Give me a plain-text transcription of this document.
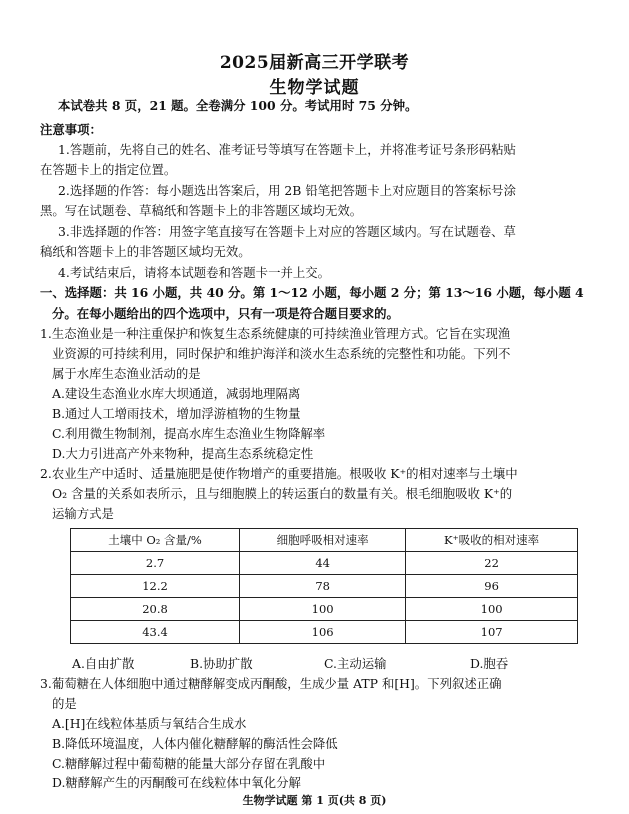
2025届新高三开学联考
生物学试题
本试卷共 8 页，21 题。全卷满分 100 分。考试用时 75 分钟。
注意事项：
1.答题前，先将自己的姓名、准考证号等填写在答题卡上，并将准考证号条形码粘贴
在答题卡上的指定位置。
2.选择题的作答：每小题选出答案后，用 2B 铅笔把答题卡上对应题目的答案标号涂
黑。写在试题卷、草稿纸和答题卡上的非答题区域均无效。
3.非选择题的作答：用签字笔直接写在答题卡上对应的答题区域内。写在试题卷、草
稿纸和答题卡上的非答题区域均无效。
4.考试结束后，请将本试题卷和答题卡一并上交。
一、选择题：共 16 小题，共 40 分。第 1～12 小题，每小题 2 分；第 13～16 小题，每小题 4
分。在每小题给出的四个选项中，只有一项是符合题目要求的。
1.生态渔业是一种注重保护和恢复生态系统健康的可持续渔业管理方式。它旨在实现渔
业资源的可持续利用，同时保护和维护海洋和淡水生态系统的完整性和功能。下列不
属于水库生态渔业活动的是
A.建设生态渔业水库大坝通道，减弱地理隔离
B.通过人工增雨技术，增加浮游植物的生物量
C.利用微生物制剂，提高水库生态渔业生物降解率
D.大力引进高产外来物种，提高生态系统稳定性
2.农业生产中适时、适量施肥是使作物增产的重要措施。根吸收 K⁺的相对速率与土壤中
O₂ 含量的关系如表所示，且与细胞膜上的转运蛋白的数量有关。根毛细胞吸收 K⁺的
运输方式是
土壤中 O₂ 含量/%	细胞呼吸相对速率	K⁺吸收的相对速率
2.7	44	22
12.2	78	96
20.8	100	100
43.4	106	107
A.自由扩散	B.协助扩散	C.主动运输	D.胞吞
3.葡萄糖在人体细胞中通过糖酵解变成丙酮酸，生成少量 ATP 和[H]。下列叙述正确
的是
A.[H]在线粒体基质与氧结合生成水
B.降低环境温度，人体内催化糖酵解的酶活性会降低
C.糖酵解过程中葡萄糖的能量大部分存留在乳酸中
D.糖酵解产生的丙酮酸可在线粒体中氧化分解
生物学试题 第 1 页(共 8 页)
